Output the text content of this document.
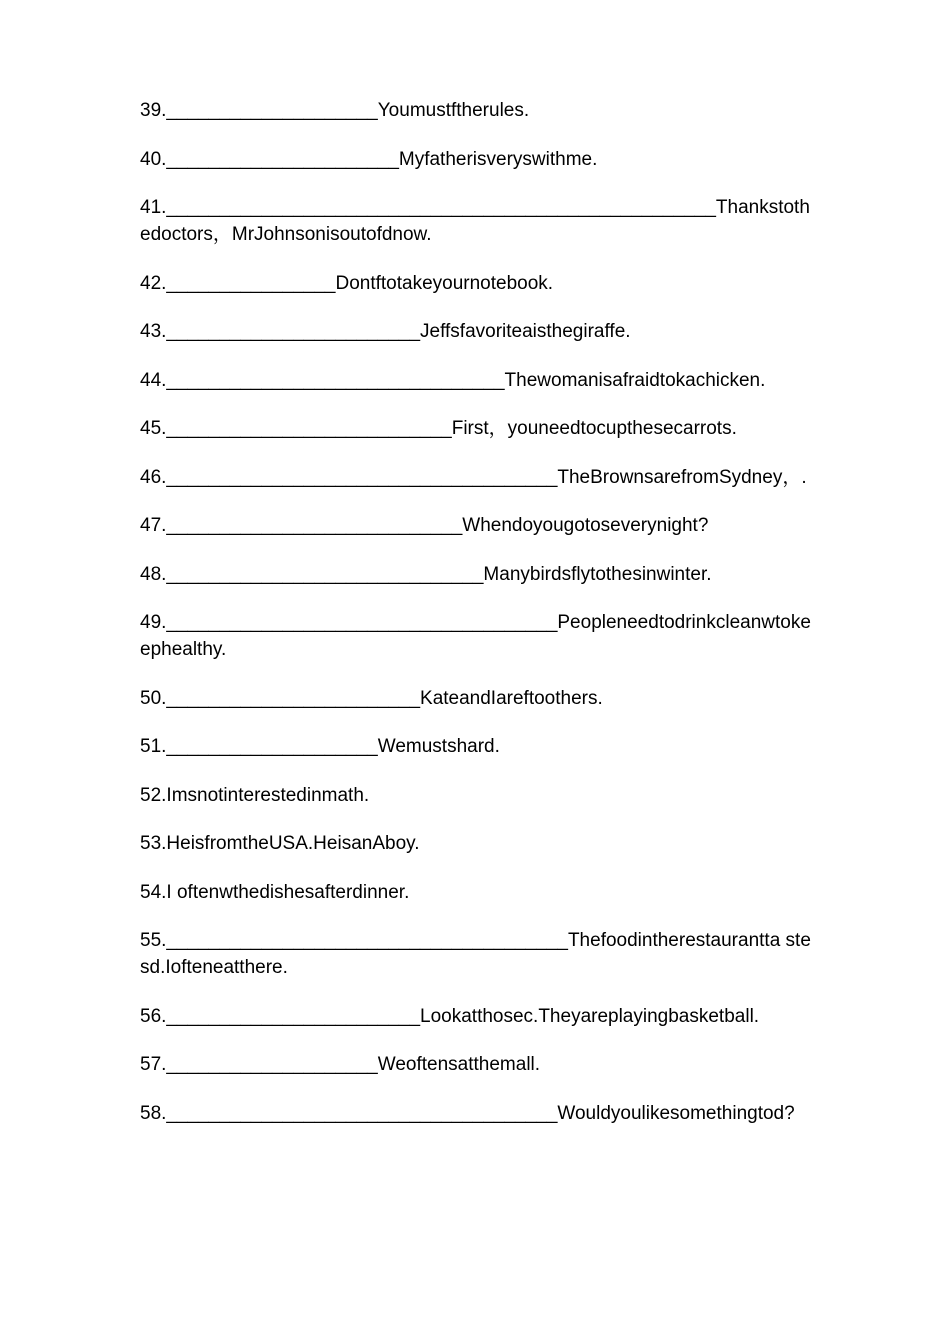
39.____________________Youmustftherules.

40.______________________Myfatherisveryswithme.

41.____________________________________________________Thankstothedoctors，MrJohnsonisoutofdnow.

42.________________Dontftotakeyournotebook.

43.________________________Jeffsfavoriteaisthegiraffe.

44.________________________________Thewomanisafraidtokachicken.

45.___________________________First，youneedtocupthesecarrots.

46._____________________________________TheBrownsarefromSydney，.

47.____________________________Whendoyougotoseverynight?

48.______________________________Manybirdsflytothesinwinter.

49._____________________________________Peopleneedtodrinkcleanwtokeephealthy.

50.________________________KateandIareftoothers.

51.____________________Wemustshard.

52.Imsnotinterestedinmath.

53.HeisfromtheUSA.HeisanAboy.

54.I oftenwthedishesafterdinner.

55.______________________________________Thefoodintherestaurantta stesd.Iofteneatthere.

56.________________________Lookatthosec.Theyareplayingbasketball.

57.____________________Weoftensatthemall.

58._____________________________________Wouldyoulikesomethingtod?
